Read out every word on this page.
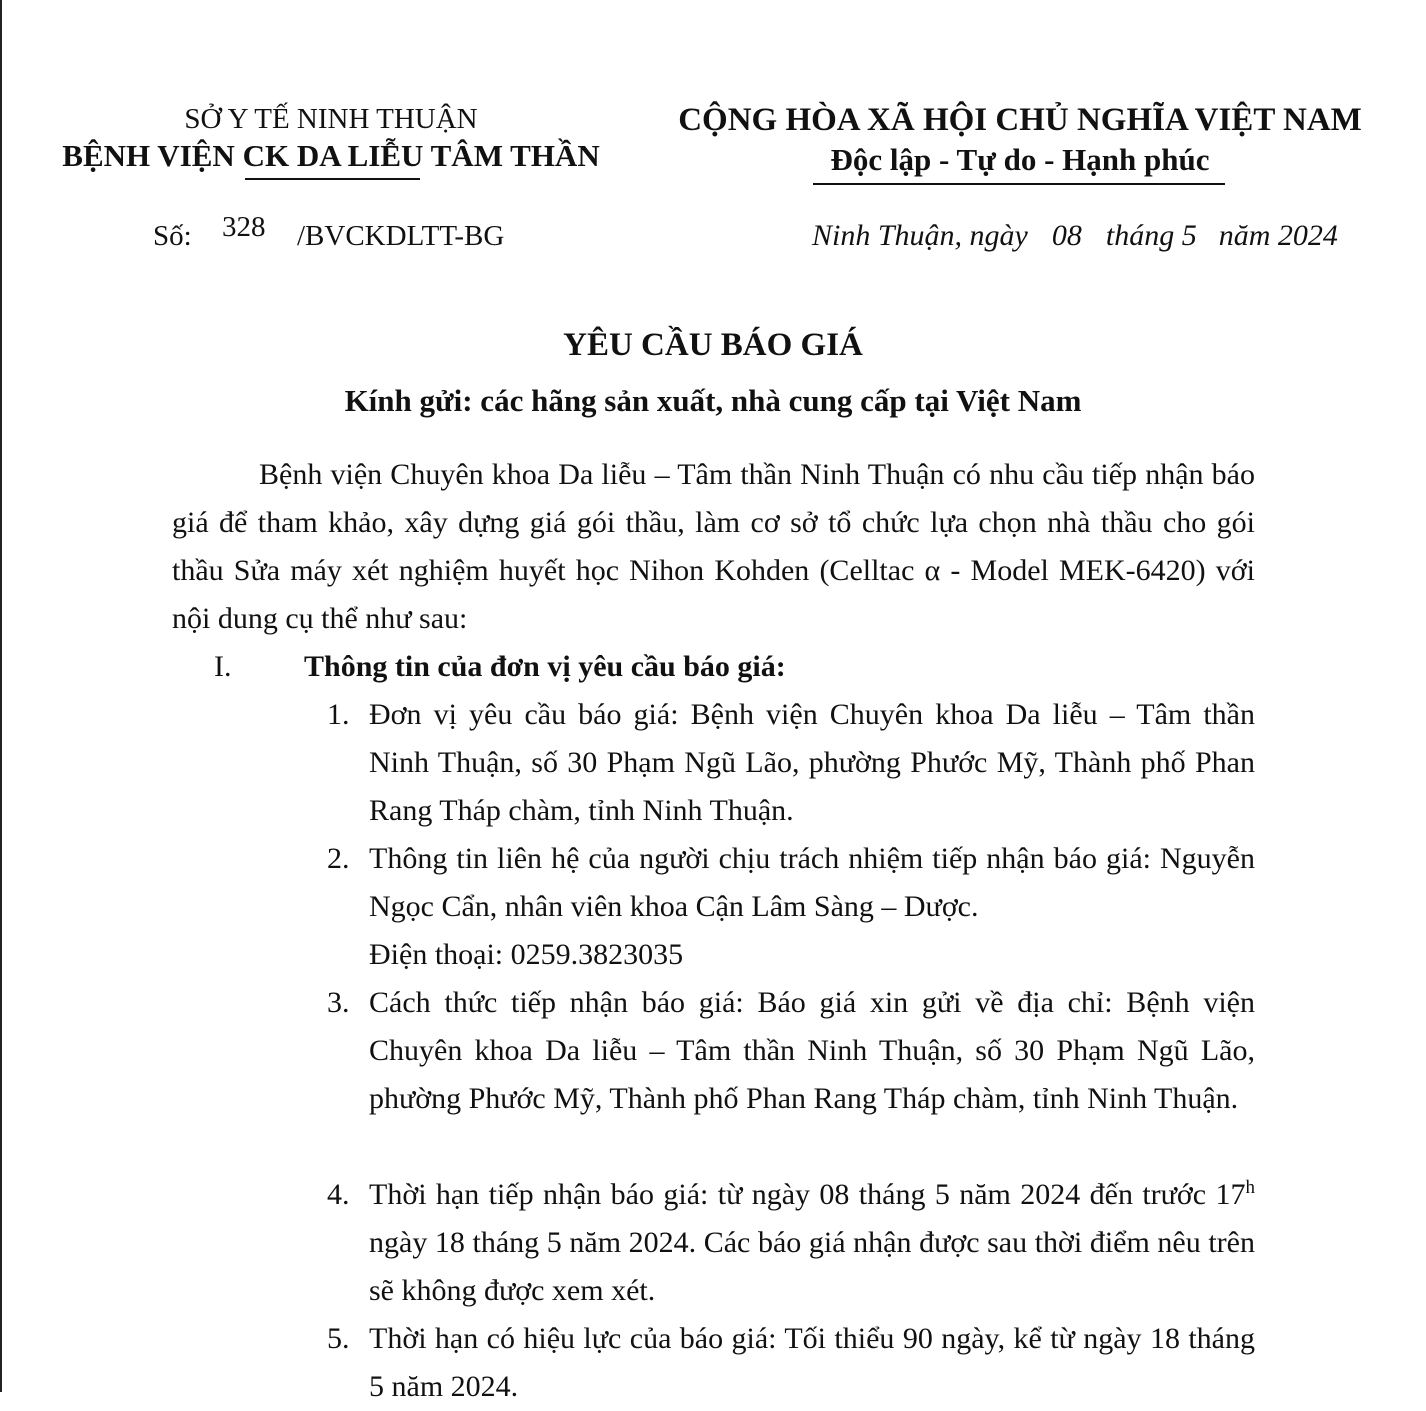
SỞ Y TẾ NINH THUẬN
BỆNH VIỆN CK DA LIỄU TÂM THẦN
CỘNG HÒA XÃ HỘI CHỦ NGHĨA VIỆT NAM
Độc lập - Tự do - Hạnh phúc
Số: 328 /BVCKDLTT-BG	Ninh Thuận, ngày 08 tháng 5 năm 2024
YÊU CẦU BÁO GIÁ
Kính gửi: các hãng sản xuất, nhà cung cấp tại Việt Nam
Bệnh viện Chuyên khoa Da liễu – Tâm thần Ninh Thuận có nhu cầu tiếp nhận báo giá để tham khảo, xây dựng giá gói thầu, làm cơ sở tổ chức lựa chọn nhà thầu cho gói thầu Sửa máy xét nghiệm huyết học Nihon Kohden (Celltac α - Model MEK-6420) với nội dung cụ thể như sau:
I. Thông tin của đơn vị yêu cầu báo giá:
1. Đơn vị yêu cầu báo giá: Bệnh viện Chuyên khoa Da liễu – Tâm thần Ninh Thuận, số 30 Phạm Ngũ Lão, phường Phước Mỹ, Thành phố Phan Rang Tháp chàm, tỉnh Ninh Thuận.
2. Thông tin liên hệ của người chịu trách nhiệm tiếp nhận báo giá: Nguyễn Ngọc Cẩn, nhân viên khoa Cận Lâm Sàng – Dược.
Điện thoại: 0259.3823035
3. Cách thức tiếp nhận báo giá: Báo giá xin gửi về địa chỉ: Bệnh viện Chuyên khoa Da liễu – Tâm thần Ninh Thuận, số 30 Phạm Ngũ Lão, phường Phước Mỹ, Thành phố Phan Rang Tháp chàm, tỉnh Ninh Thuận.
4. Thời hạn tiếp nhận báo giá: từ ngày 08 tháng 5 năm 2024 đến trước 17$^h$ ngày 18 tháng 5 năm 2024. Các báo giá nhận được sau thời điểm nêu trên sẽ không được xem xét.
5. Thời hạn có hiệu lực của báo giá: Tối thiểu 90 ngày, kể từ ngày 18 tháng 5 năm 2024.
